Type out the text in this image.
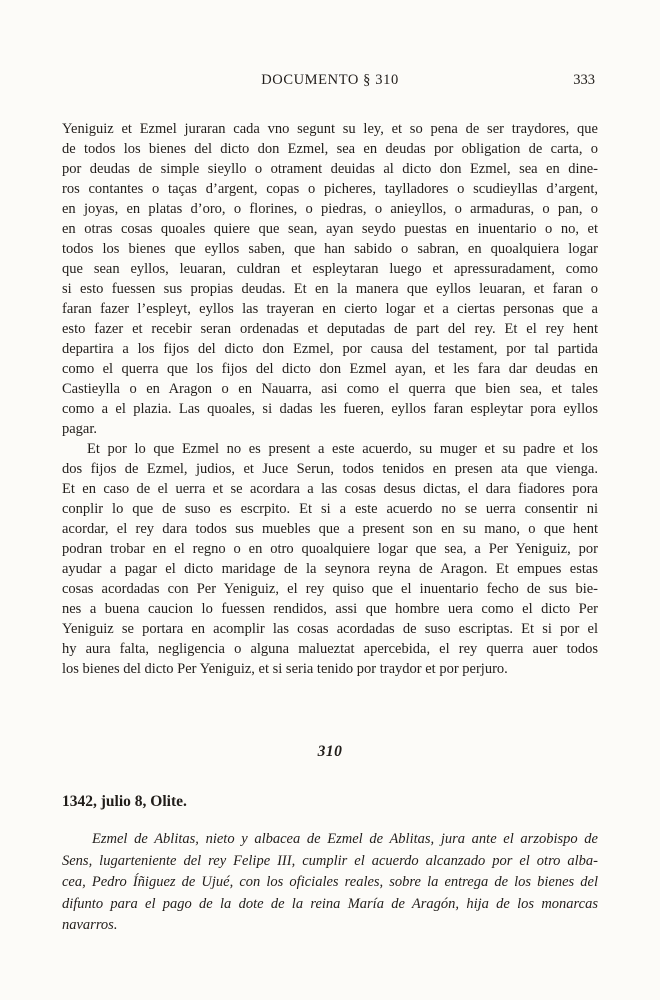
DOCUMENTO § 310	333
Yeniguiz et Ezmel juraran cada vno segunt su ley, et so pena de ser traydores, que
de todos los bienes del dicto don Ezmel, sea en deudas por obligation de carta, o
por deudas de simple sieyllo o otrament deuidas al dicto don Ezmel, sea en dine-
ros contantes o taças d’argent, copas o picheres, taylladores o scudieyllas d’argent,
en joyas, en platas d’oro, o florines, o piedras, o anieyllos, o armaduras, o pan, o
en otras cosas quoales quiere que sean, ayan seydo puestas en inuentario o no, et
todos los bienes que eyllos saben, que han sabido o sabran, en quoalquiera logar
que sean eyllos, leuaran, culdran et espleytaran luego et apressuradament, como
si esto fuessen sus propias deudas. Et en la manera que eyllos leuaran, et faran o
faran fazer l’espleyt, eyllos las trayeran en cierto logar et a ciertas personas que a
esto fazer et recebir seran ordenadas et deputadas de part del rey. Et el rey hent
departira a los fijos del dicto don Ezmel, por causa del testament, por tal partida
como el querra que los fijos del dicto don Ezmel ayan, et les fara dar deudas en
Castieylla o en Aragon o en Nauarra, asi como el querra que bien sea, et tales
como a el plazia. Las quoales, si dadas les fueren, eyllos faran espleytar pora eyllos
pagar.
Et por lo que Ezmel no es present a este acuerdo, su muger et su padre et los
dos fijos de Ezmel, judios, et Juce Serun, todos tenidos en presen ata que vienga.
Et en caso de el uerra et se acordara a las cosas desus dictas, el dara fiadores pora
conplir lo que de suso es escrpito. Et si a este acuerdo no se uerra consentir ni
acordar, el rey dara todos sus muebles que a present son en su mano, o que hent
podran trobar en el regno o en otro quoalquiere logar que sea, a Per Yeniguiz, por
ayudar a pagar el dicto maridage de la seynora reyna de Aragon. Et empues estas
cosas acordadas con Per Yeniguiz, el rey quiso que el inuentario fecho de sus bie-
nes a buena caucion lo fuessen rendidos, assi que hombre uera como el dicto Per
Yeniguiz se portara en acomplir las cosas acordadas de suso escriptas. Et si por el
hy aura falta, negligencia o alguna malueztat apercebida, el rey querra auer todos
los bienes del dicto Per Yeniguiz, et si seria tenido por traydor et por perjuro.
310
1342, julio 8, Olite.
Ezmel de Ablitas, nieto y albacea de Ezmel de Ablitas, jura ante el arzobispo de
Sens, lugarteniente del rey Felipe III, cumplir el acuerdo alcanzado por el otro alba-
cea, Pedro Íñiguez de Ujué, con los oficiales reales, sobre la entrega de los bienes del
difunto para el pago de la dote de la reina María de Aragón, hija de los monarcas
navarros.
